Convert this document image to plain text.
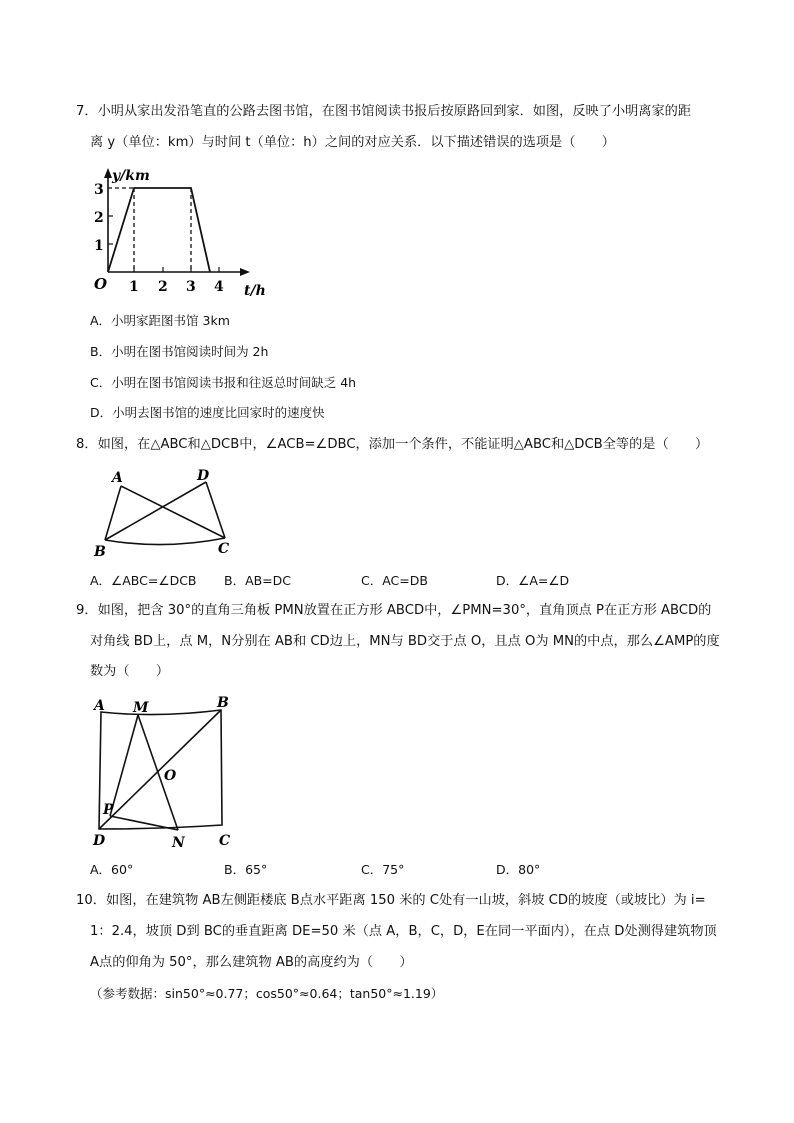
7．小明从家出发沿笔直的公路去图书馆，在图书馆阅读书报后按原路回到家．如图，反映了小明离家的距
离 y（单位：km）与时间 t（单位：h）之间的对应关系．以下描述错误的选项是（　　）
y/km
t/h
O 1 2 3 4
1
2
3
A．小明家距图书馆 3km
B．小明在图书馆阅读时间为 2h
C．小明在图书馆阅读书报和往返总时间缺乏 4h
D．小明去图书馆的速度比回家时的速度快
8．如图，在△ABC和△DCB中，∠ACB=∠DBC，添加一个条件，不能证明△ABC和△DCB全等的是（　　）
A	D
B	C
A．∠ABC=∠DCB B．AB=DC	C．AC=DB	D．∠A=∠D
9．如图，把含 30°的直角三角板 PMN放置在正方形 ABCD中，∠PMN=30°，直角顶点 P在正方形 ABCD的
对角线 BD上，点 M，N分别在 AB和 CD边上，MN与 BD交于点 O，且点 O为 MN的中点，那么∠AMP的度
数为（　　）
A M	B
O
P
D	N C
A．60°	B．65°	C．75°	D．80°
10．如图，在建筑物 AB左侧距楼底 B点水平距离 150 米的 C处有一山坡，斜坡 CD的坡度（或坡比）为 i=
1：2.4，坡顶 D到 BC的垂直距离 DE=50 米（点 A，B，C，D，E在同一平面内），在点 D处测得建筑物顶
A点的仰角为 50°，那么建筑物 AB的高度约为（　　）
（参考数据：sin50°≈0.77；cos50°≈0.64；tan50°≈1.19）
